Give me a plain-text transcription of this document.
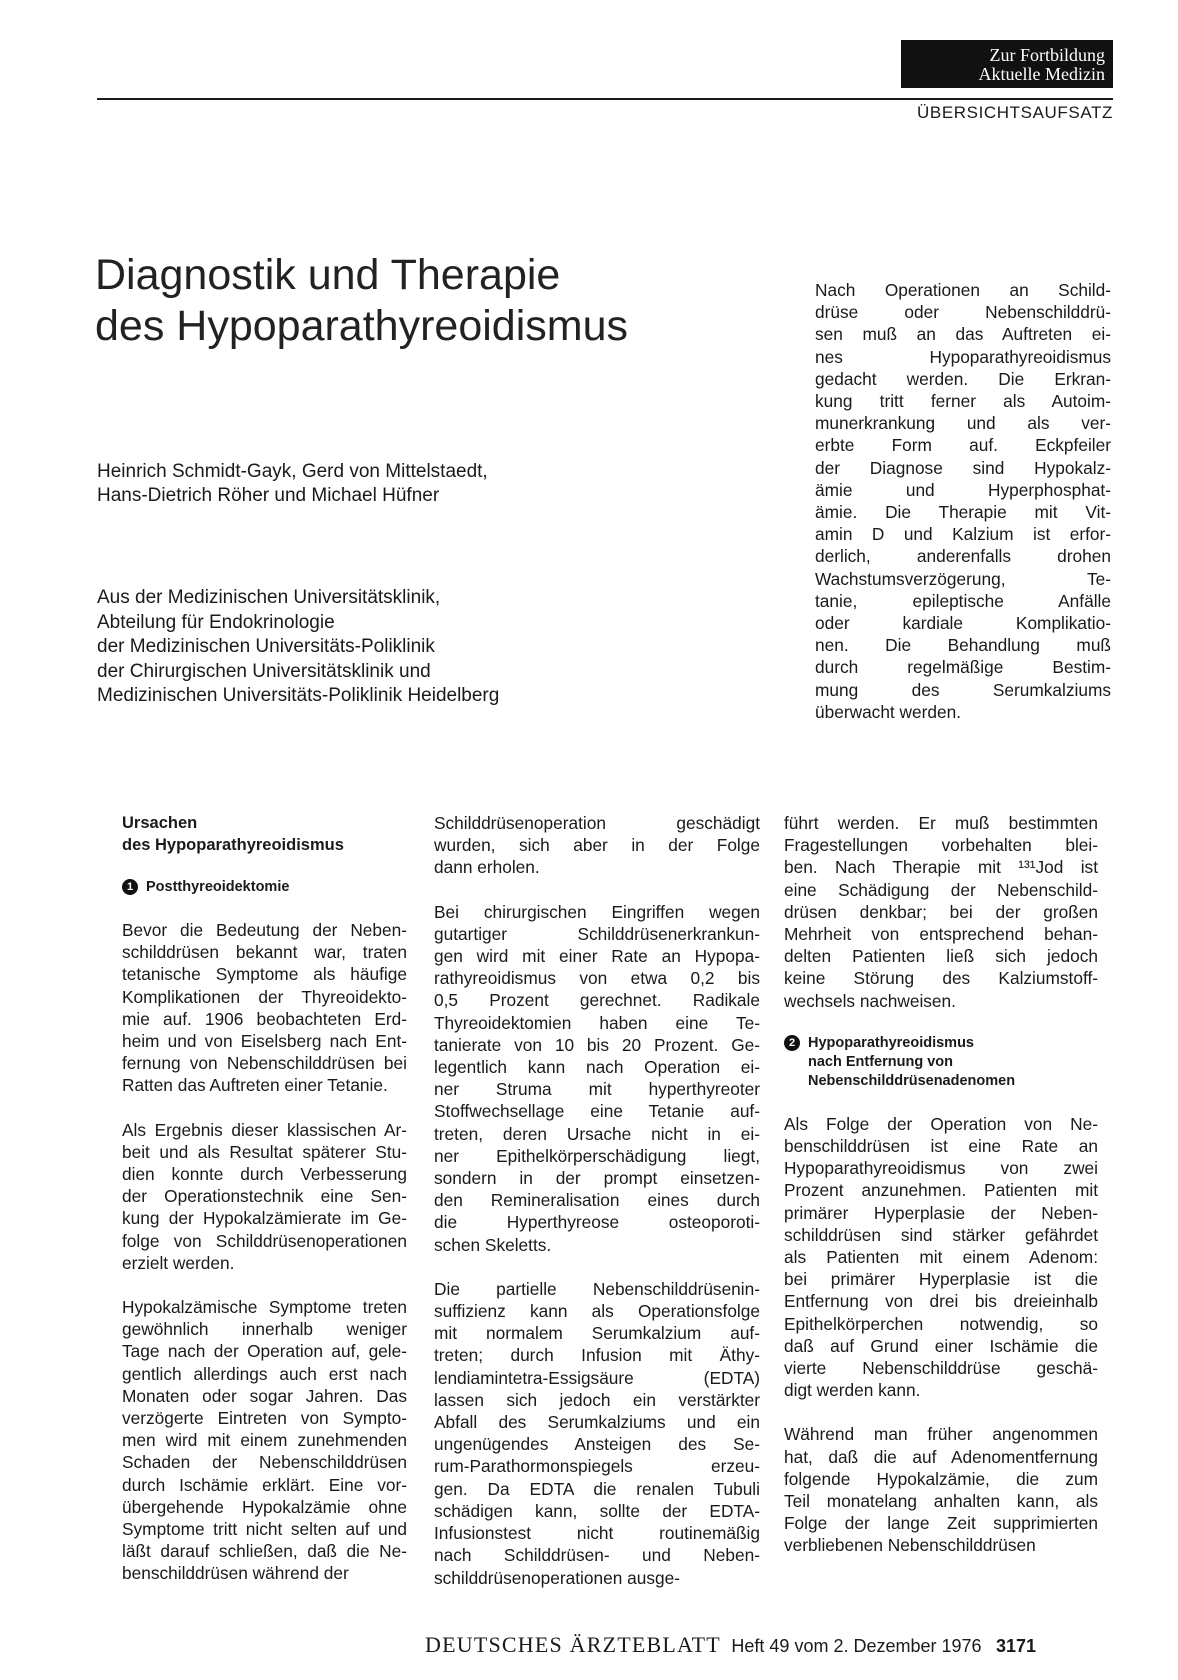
Zur Fortbildung
Aktuelle Medizin
ÜBERSICHTSAUFSATZ
Diagnostik und Therapie
des Hypoparathyreoidismus
Heinrich Schmidt-Gayk, Gerd von Mittelstaedt,
Hans-Dietrich Röher und Michael Hüfner
Aus der Medizinischen Universitätsklinik,
Abteilung für Endokrinologie
der Medizinischen Universitäts-Poliklinik
der Chirurgischen Universitätsklinik und
Medizinischen Universitäts-Poliklinik Heidelberg
Nach Operationen an Schild-
drüse oder Nebenschilddrü-
sen muß an das Auftreten ei-
nes Hypoparathyreoidismus
gedacht werden. Die Erkran-
kung tritt ferner als Autoim-
munerkrankung und als ver-
erbte Form auf. Eckpfeiler
der Diagnose sind Hypokalz-
ämie und Hyperphosphat-
ämie. Die Therapie mit Vit-
amin D und Kalzium ist erfor-
derlich, anderenfalls drohen
Wachstumsverzögerung, Te-
tanie, epileptische Anfälle
oder kardiale Komplikatio-
nen. Die Behandlung muß
durch regelmäßige Bestim-
mung des Serumkalziums
überwacht werden.
Ursachen
des Hypoparathyreoidismus
1 Postthyreoidektomie
Bevor die Bedeutung der Neben-
schilddrüsen bekannt war, traten
tetanische Symptome als häufige
Komplikationen der Thyreoidekto-
mie auf. 1906 beobachteten Erd-
heim und von Eiselsberg nach Ent-
fernung von Nebenschilddrüsen bei
Ratten das Auftreten einer Tetanie.
Als Ergebnis dieser klassischen Ar-
beit und als Resultat späterer Stu-
dien konnte durch Verbesserung
der Operationstechnik eine Sen-
kung der Hypokalzämierate im Ge-
folge von Schilddrüsenoperationen
erzielt werden.
Hypokalzämische Symptome treten
gewöhnlich innerhalb weniger
Tage nach der Operation auf, gele-
gentlich allerdings auch erst nach
Monaten oder sogar Jahren. Das
verzögerte Eintreten von Sympto-
men wird mit einem zunehmenden
Schaden der Nebenschilddrüsen
durch Ischämie erklärt. Eine vor-
übergehende Hypokalzämie ohne
Symptome tritt nicht selten auf und
läßt darauf schließen, daß die Ne-
benschilddrüsen während der
Schilddrüsenoperation geschädigt
wurden, sich aber in der Folge
dann erholen.
Bei chirurgischen Eingriffen wegen
gutartiger Schilddrüsenerkrankun-
gen wird mit einer Rate an Hypopa-
rathyreoidismus von etwa 0,2 bis
0,5 Prozent gerechnet. Radikale
Thyreoidektomien haben eine Te-
tanierate von 10 bis 20 Prozent. Ge-
legentlich kann nach Operation ei-
ner Struma mit hyperthyreoter
Stoffwechsellage eine Tetanie auf-
treten, deren Ursache nicht in ei-
ner Epithelkörperschädigung liegt,
sondern in der prompt einsetzen-
den Remineralisation eines durch
die Hyperthyreose osteoporoti-
schen Skeletts.
Die partielle Nebenschilddrüsenin-
suffizienz kann als Operationsfolge
mit normalem Serumkalzium auf-
treten; durch Infusion mit Äthy-
lendiamintetra-Essigsäure (EDTA)
lassen sich jedoch ein verstärkter
Abfall des Serumkalziums und ein
ungenügendes Ansteigen des Se-
rum-Parathormonspiegels erzeu-
gen. Da EDTA die renalen Tubuli
schädigen kann, sollte der EDTA-
Infusionstest nicht routinemäßig
nach Schilddrüsen- und Neben-
schilddrüsenoperationen ausge-
führt werden. Er muß bestimmten
Fragestellungen vorbehalten blei-
ben. Nach Therapie mit ¹³¹Jod ist
eine Schädigung der Nebenschild-
drüsen denkbar; bei der großen
Mehrheit von entsprechend behan-
delten Patienten ließ sich jedoch
keine Störung des Kalziumstoff-
wechsels nachweisen.
2 Hypoparathyreoidismus
nach Entfernung von
Nebenschilddrüsenadenomen
Als Folge der Operation von Ne-
benschilddrüsen ist eine Rate an
Hypoparathyreoidismus von zwei
Prozent anzunehmen. Patienten mit
primärer Hyperplasie der Neben-
schilddrüsen sind stärker gefährdet
als Patienten mit einem Adenom:
bei primärer Hyperplasie ist die
Entfernung von drei bis dreieinhalb
Epithelkörperchen notwendig, so
daß auf Grund einer Ischämie die
vierte Nebenschilddrüse geschä-
digt werden kann.
Während man früher angenommen
hat, daß die auf Adenomentfernung
folgende Hypokalzämie, die zum
Teil monatelang anhalten kann, als
Folge der lange Zeit supprimierten
verbliebenen Nebenschilddrüsen
DEUTSCHES ÄRZTEBLATT Heft 49 vom 2. Dezember 1976 3171
